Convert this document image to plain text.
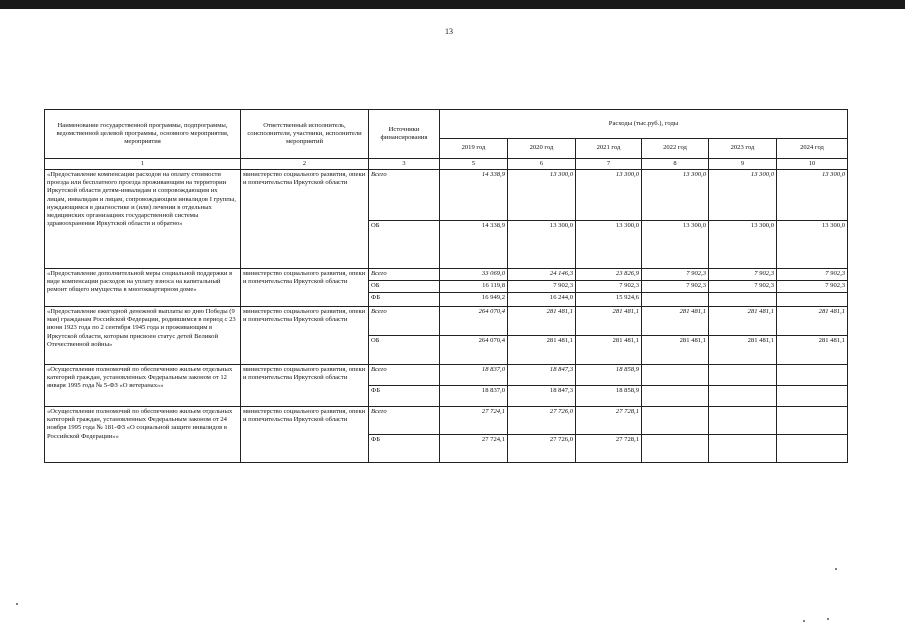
13
Наименование государственной программы, подпрограммы, ведомственной целевой программы, основного мероприятия, мероприятия	Ответственный исполнитель, соисполнители, участники, исполнители мероприятий	Источники финансирования	Расходы (тыс.руб.), годы					
			2019 год	2020 год	2021 год	2022 год	2023 год	2024 год
1	2	3	5	6	7	8	9	10
«Предоставление компенсации расходов на оплату стоимости проезда или бесплатного проезда проживающим на территории Иркутской области детям-инвалидам и сопровождающим их лицам, инвалидам и лицам, сопровождающим инвалидов I группы, нуждающимся в диагностике и (или) лечении в отдельных медицинских организациях государственной системы здравоохранения Иркутской области и обратно»	министерство социального развития, опеки и попечительства Иркутской области	Всего	14 338,9	13 300,0	13 300,0	13 300,0	13 300,0	13 300,0
		ОБ	14 338,9	13 300,0	13 300,0	13 300,0	13 300,0	13 300,0
«Предоставление дополнительной меры социальной поддержки в виде компенсации расходов на уплату взноса на капитальный ремонт общего имущества в многоквартирном доме»	министерство социального развития, опеки и попечительства Иркутской области	Всего	33 069,0	24 146,3	23 826,9	7 902,3	7 902,3	7 902,3
		ОБ	16 119,8	7 902,3	7 902,3	7 902,3	7 902,3	7 902,3
		ФБ	16 949,2	16 244,0	15 924,6			
«Предоставление ежегодной денежной выплаты ко дню Победы (9 мая) гражданам Российской Федерации, родившимся в период с 23 июня 1923 года по 2 сентября 1945 года и проживающим в Иркутской области, которым присвоен статус детей Великой Отечественной войны»	министерство социального развития, опеки и попечительства Иркутской области	Всего	264 070,4	281 481,1	281 481,1	281 481,1	281 481,1	281 481,1
		ОБ	264 070,4	281 481,1	281 481,1	281 481,1	281 481,1	281 481,1
«Осуществление полномочий по обеспечению жильем отдельных категорий граждан, установленных Федеральным законом от 12 января 1995 года № 5-ФЗ «О ветеранах»»	министерство социального развития, опеки и попечительства Иркутской области	Всего	18 837,0	18 847,3	18 858,9			
		ФБ	18 837,0	18 847,3	18 858,9			
«Осуществление полномочий по обеспечению жильем отдельных категорий граждан, установленных Федеральным законом от 24 ноября 1995 года № 181-ФЗ «О социальной защите инвалидов в Российской Федерации»»	министерство социального развития, опеки и попечительства Иркутской области	Всего	27 724,1	27 726,0	27 728,1			
		ФБ	27 724,1	27 726,0	27 728,1			
